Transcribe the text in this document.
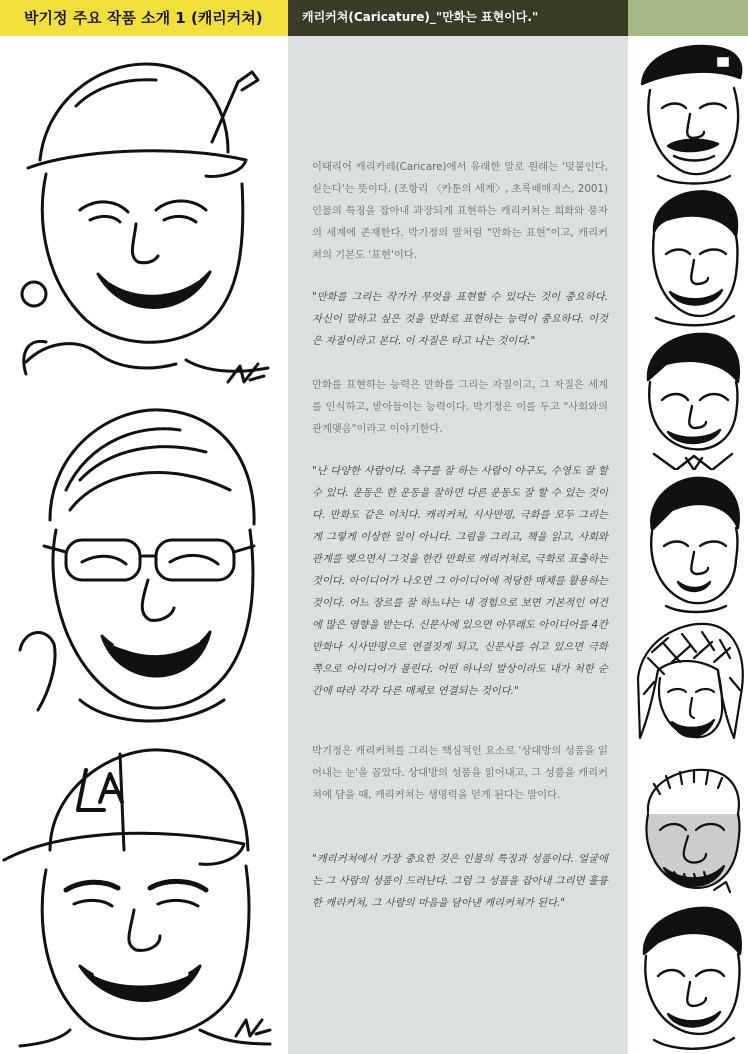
박기정 주요 작품 소개 1 (캐리커쳐)	캐리커쳐(Caricature)_"만화는 표현이다."

이태리어 캐리카레(Caricare)에서 유래한 말로 원래는 '덧붙인다, 싣는다'는 뜻이다. (조항리 〈카툰의 세계〉, 초록배매직스, 2001) 인물의 특징을 잡아내 과장되게 표현하는 캐리커쳐는 희화와 풍자의 세계에 존재한다. 박기정의 말처럼 "만화는 표현"이고, 캐리커쳐의 기본도 '표현'이다.

"만화를 그리는 작가가 무엇을 표현할 수 있다는 것이 중요하다. 자신이 말하고 싶은 것을 만화로 표현하는 능력이 중요하다. 이것은 자질이라고 본다. 이 자질은 타고 나는 것이다."

만화를 표현하는 능력은 만화를 그리는 자질이고, 그 자질은 세계를 인식하고, 받아들이는 능력이다. 박기정은 이를 두고 "사회와의 관계맺음"이라고 이야기한다.

"난 다양한 사람이다. 축구를 잘 하는 사람이 야구도, 수영도 잘 할 수 있다. 운동은 한 운동을 잘하면 다른 운동도 잘 할 수 있는 것이다. 만화도 같은 이치다. 캐리커쳐, 시사만평, 극화를 모두 그리는게 그렇게 이상한 일이 아니다. 그림을 그리고, 책을 읽고, 사회와 관계를 맺으면서 그것을 한칸 만화로 캐리커쳐로, 극화로 표출하는 것이다. 아이디어가 나오면 그 아이디어에 적당한 매체를 활용하는 것이다. 어느 장르를 잘 하느냐는 내 경험으로 보면 기본적인 여건에 많은 영향을 받는다. 신문사에 있으면 아무래도 아이디어를 4칸 만화나 시사만평으로 연결짓게 되고, 신문사를 쉬고 있으면 극화 쪽으로 아이디어가 몰린다. 어떤 하나의 발상이라도 내가 처한 순간에 따라 각각 다른 매체로 연결되는 것이다."

박기정은 캐리커쳐를 그리는 핵심적인 요소로 '상대방의 성품을 읽어내는 눈'을 꼽았다. 상대방의 성품을 읽어내고, 그 성품을 캐리커쳐에 담을 때, 캐리커쳐는 생명력을 얻게 된다는 말이다.

"캐리커쳐에서 가장 중요한 것은 인물의 특징과 성품이다. 얼굴에는 그 사람의 성품이 드러난다. 그럼 그 성품을 잡아내 그리면 훌륭한 캐리커쳐, 그 사람의 마음을 담아낸 캐리커쳐가 된다."
